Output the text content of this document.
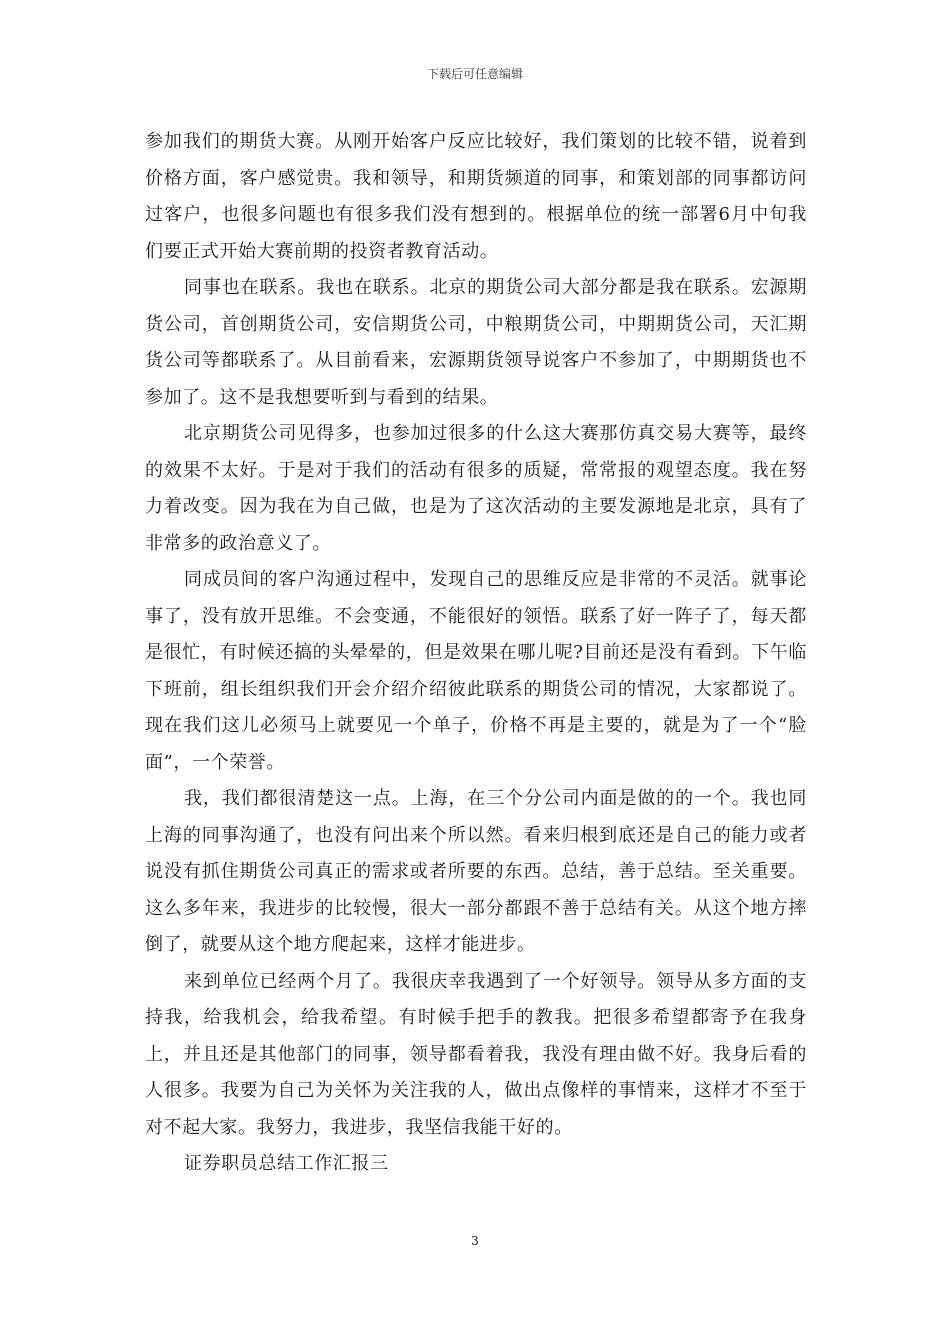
下载后可任意编辑

参加我们的期货大赛。从刚开始客户反应比较好，我们策划的比较不错，说着到价格方面，客户感觉贵。我和领导，和期货频道的同事，和策划部的同事都访问过客户，也很多问题也有很多我们没有想到的。根据单位的统一部署6月中旬我们要正式开始大赛前期的投资者教育活动。

同事也在联系。我也在联系。北京的期货公司大部分都是我在联系。宏源期货公司，首创期货公司，安信期货公司，中粮期货公司，中期期货公司，天汇期货公司等都联系了。从目前看来，宏源期货领导说客户不参加了，中期期货也不参加了。这不是我想要听到与看到的结果。

北京期货公司见得多，也参加过很多的什么这大赛那仿真交易大赛等，最终的效果不太好。于是对于我们的活动有很多的质疑，常常报的观望态度。我在努力着改变。因为我在为自己做，也是为了这次活动的主要发源地是北京，具有了非常多的政治意义了。

同成员间的客户沟通过程中，发现自己的思维反应是非常的不灵活。就事论事了，没有放开思维。不会变通，不能很好的领悟。联系了好一阵子了，每天都是很忙，有时候还搞的头晕晕的，但是效果在哪儿呢?目前还是没有看到。下午临下班前，组长组织我们开会介绍介绍彼此联系的期货公司的情况，大家都说了。现在我们这儿必须马上就要见一个单子，价格不再是主要的，就是为了一个“脸面”，一个荣誉。

我，我们都很清楚这一点。上海，在三个分公司内面是做的的一个。我也同上海的同事沟通了，也没有问出来个所以然。看来归根到底还是自己的能力或者说没有抓住期货公司真正的需求或者所要的东西。总结，善于总结。至关重要。这么多年来，我进步的比较慢，很大一部分都跟不善于总结有关。从这个地方摔倒了，就要从这个地方爬起来，这样才能进步。

来到单位已经两个月了。我很庆幸我遇到了一个好领导。领导从多方面的支持我，给我机会，给我希望。有时候手把手的教我。把很多希望都寄予在我身上，并且还是其他部门的同事，领导都看着我，我没有理由做不好。我身后看的人很多。我要为自己为关怀为关注我的人，做出点像样的事情来，这样才不至于对不起大家。我努力，我进步，我坚信我能干好的。

证券职员总结工作汇报三

3
